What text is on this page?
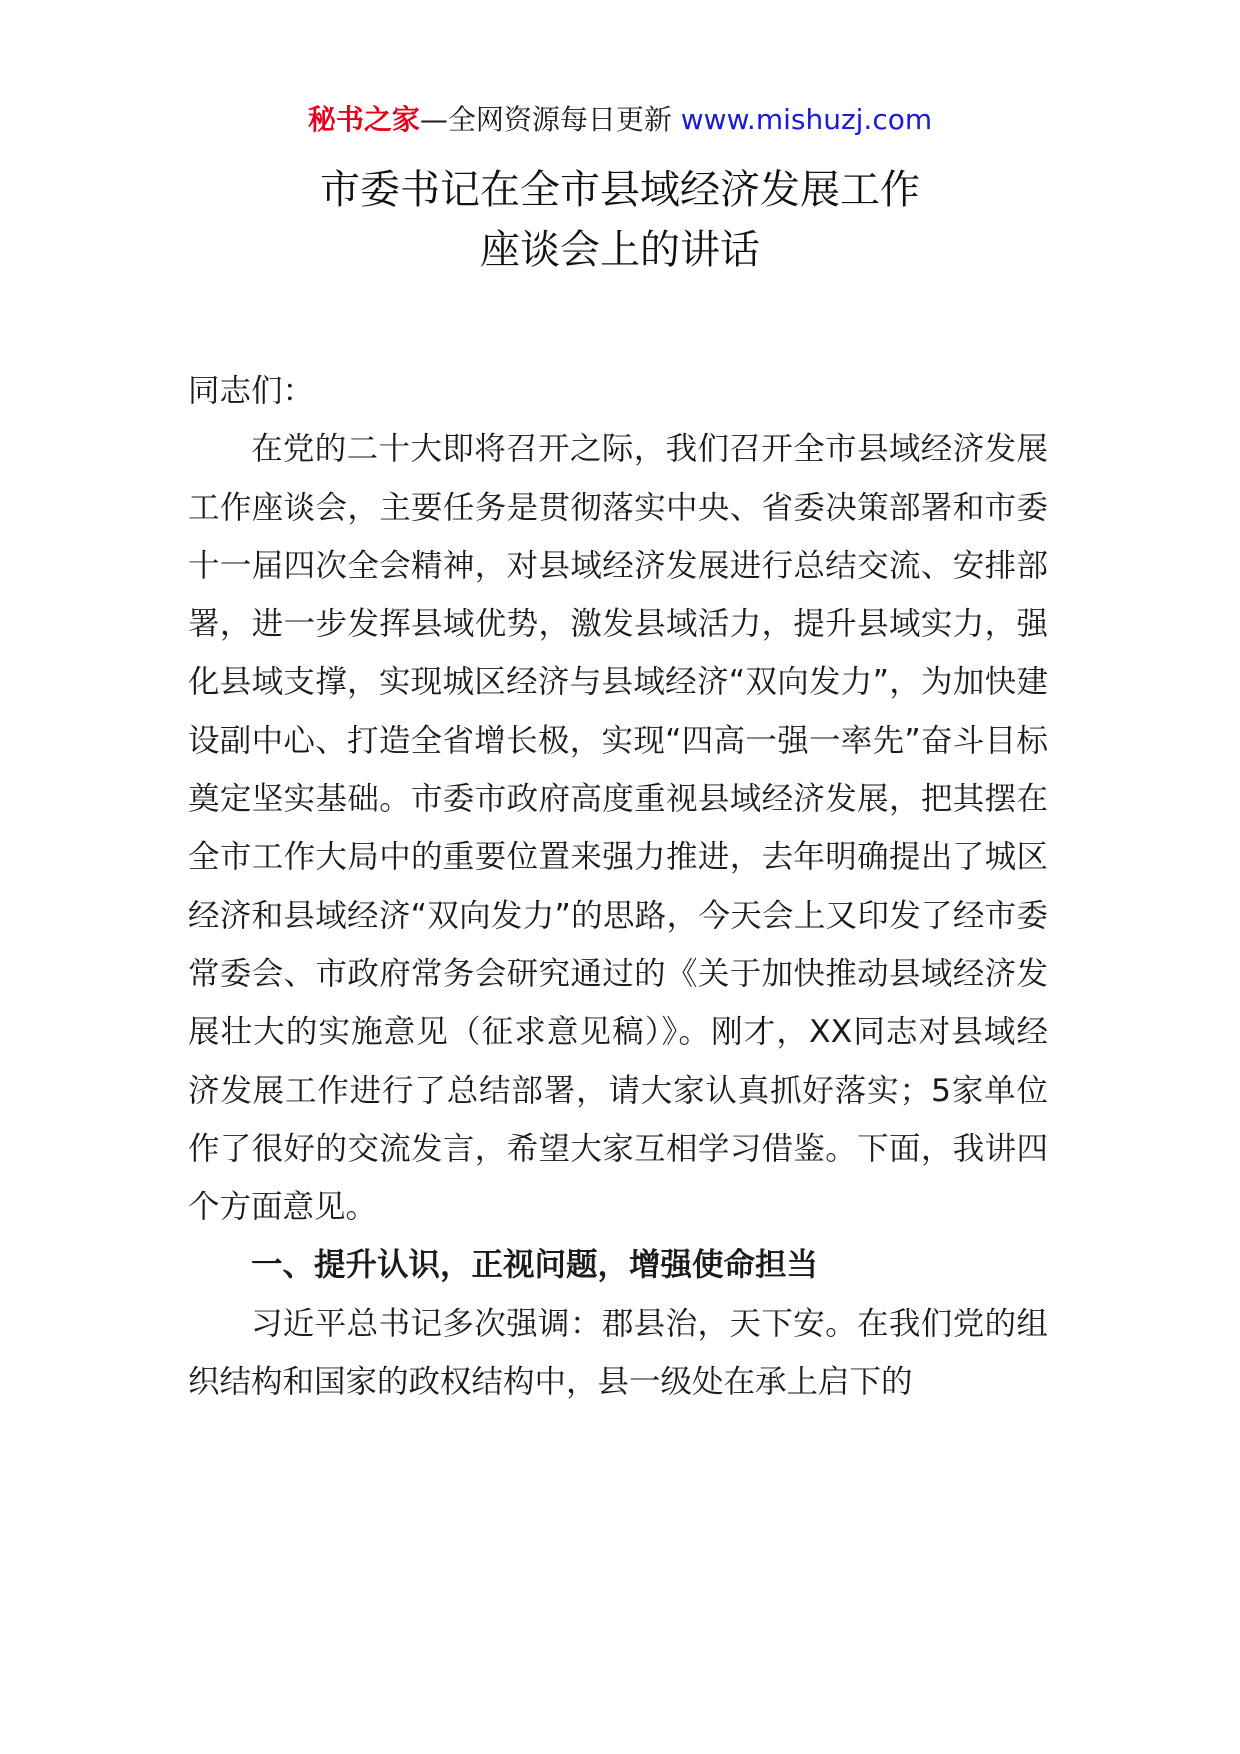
秘书之家—全网资源每日更新 www.mishuzj.com
市委书记在全市县域经济发展工作
座谈会上的讲话

同志们：

在党的二十大即将召开之际，我们召开全市县域经济发展工作座谈会，主要任务是贯彻落实中央、省委决策部署和市委十一届四次全会精神，对县域经济发展进行总结交流、安排部署，进一步发挥县域优势，激发县域活力，提升县域实力，强化县域支撑，实现城区经济与县域经济“双向发力”，为加快建设副中心、打造全省增长极，实现“四高一强一率先”奋斗目标奠定坚实基础。市委市政府高度重视县域经济发展，把其摆在全市工作大局中的重要位置来强力推进，去年明确提出了城区经济和县域经济“双向发力”的思路，今天会上又印发了经市委常委会、市政府常务会研究通过的《关于加快推动县域经济发展壮大的实施意见（征求意见稿）》。刚才，XX同志对县域经济发展工作进行了总结部署，请大家认真抓好落实；5家单位作了很好的交流发言，希望大家互相学习借鉴。下面，我讲四个方面意见。

一、提升认识，正视问题，增强使命担当

习近平总书记多次强调：郡县治，天下安。在我们党的组织结构和国家的政权结构中，县一级处在承上启下的
